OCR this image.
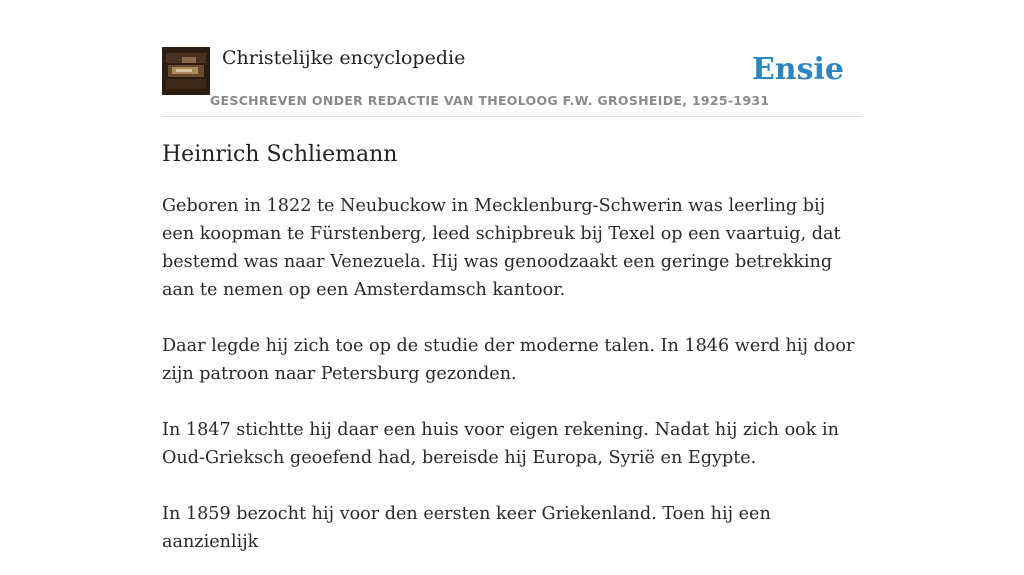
Christelijke encyclopedie
GESCHREVEN ONDER REDACTIE VAN THEOLOOG F.W. GROSHEIDE, 1925-1931
Ensie
Heinrich Schliemann

Geboren in 1822 te Neubuckow in Mecklenburg-Schwerin was leerling bij een koopman te Fürstenberg, leed schipbreuk bij Texel op een vaartuig, dat bestemd was naar Venezuela. Hij was genoodzaakt een geringe betrekking aan te nemen op een Amsterdamsch kantoor.

Daar legde hij zich toe op de studie der moderne talen. In 1846 werd hij door zijn patroon naar Petersburg gezonden.

In 1847 stichtte hij daar een huis voor eigen rekening. Nadat hij zich ook in Oud-Grieksch geoefend had, bereisde hij Europa, Syrië en Egypte.

In 1859 bezocht hij voor den eersten keer Griekenland. Toen hij een aanzienlijk
